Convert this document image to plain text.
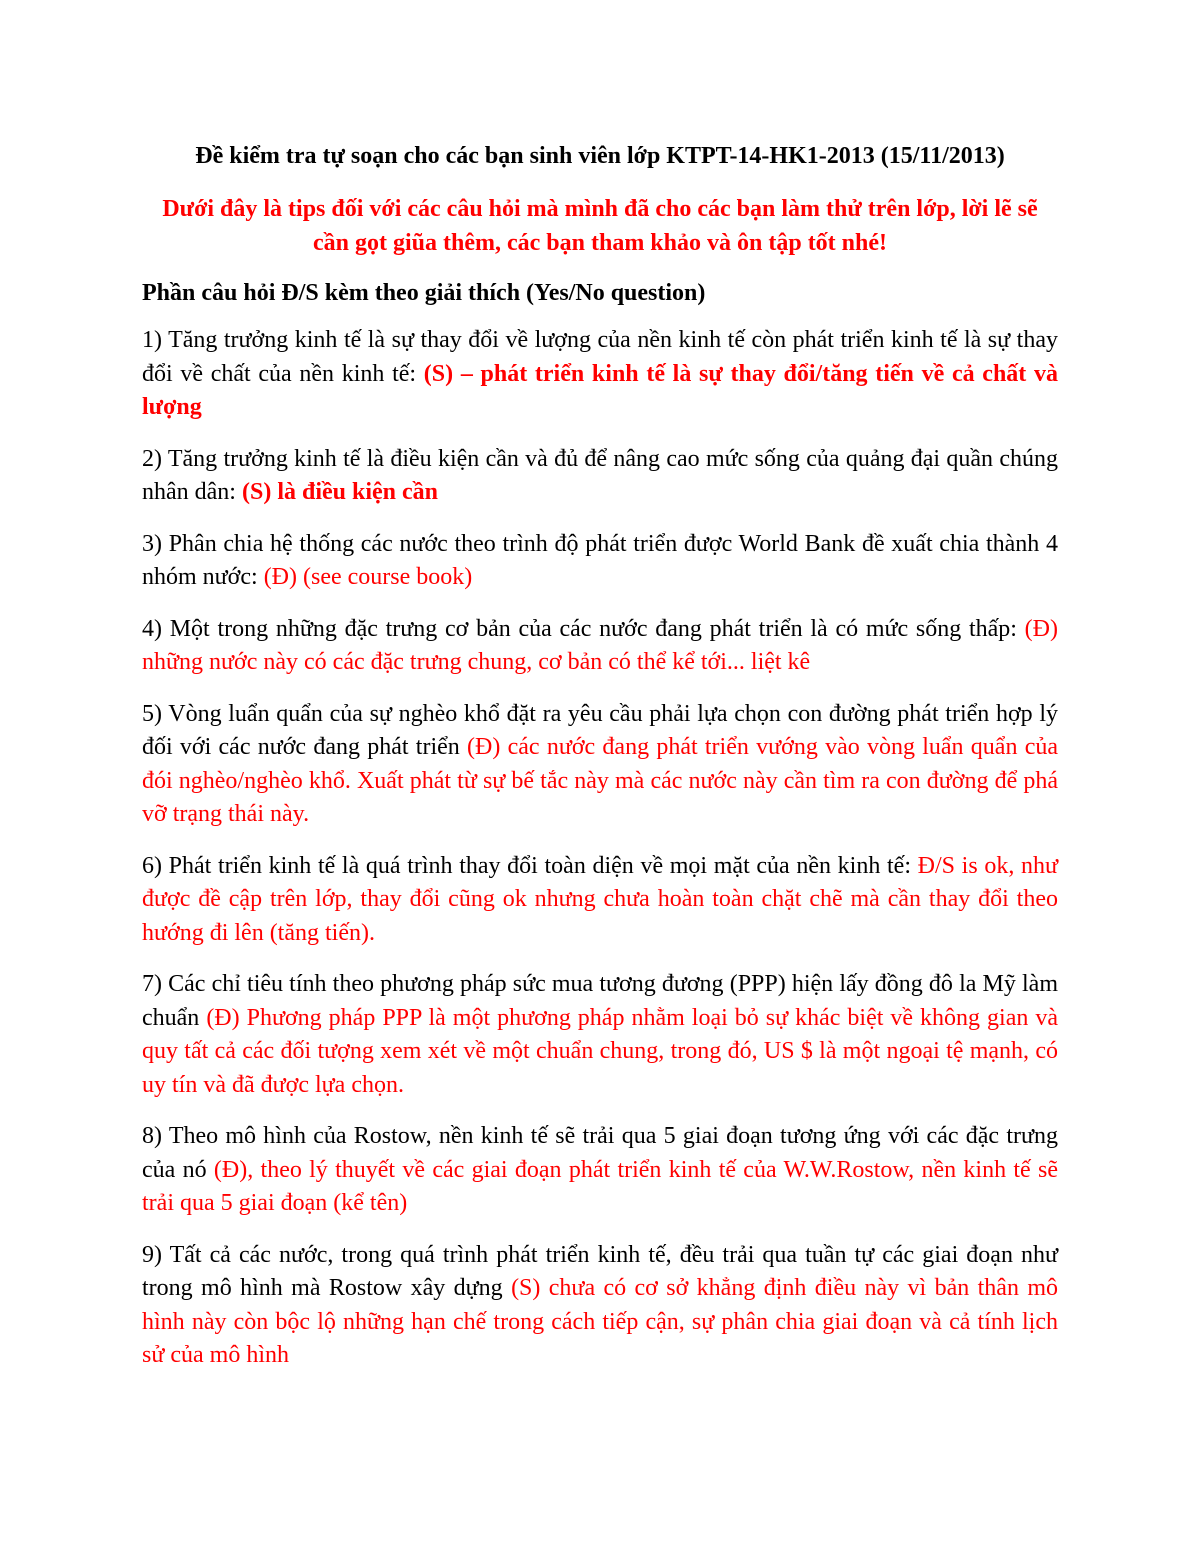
Đề kiểm tra tự soạn cho các bạn sinh viên lớp KTPT-14-HK1-2013 (15/11/2013)
Dưới đây là tips đối với các câu hỏi mà mình đã cho các bạn làm thử trên lớp, lời lẽ sẽ cần gọt giũa thêm, các bạn tham khảo và ôn tập tốt nhé!
Phần câu hỏi Đ/S kèm theo giải thích (Yes/No question)

1) Tăng trưởng kinh tế là sự thay đổi về lượng của nền kinh tế còn phát triển kinh tế là sự thay đổi về chất của nền kinh tế: (S) – phát triển kinh tế là sự thay đổi/tăng tiến về cả chất và lượng

2) Tăng trưởng kinh tế là điều kiện cần và đủ để nâng cao mức sống của quảng đại quần chúng nhân dân: (S) là điều kiện cần

3) Phân chia hệ thống các nước theo trình độ phát triển được World Bank đề xuất chia thành 4 nhóm nước: (Đ) (see course book)

4) Một trong những đặc trưng cơ bản của các nước đang phát triển là có mức sống thấp: (Đ) những nước này có các đặc trưng chung, cơ bản có thể kể tới... liệt kê

5) Vòng luẩn quẩn của sự nghèo khổ đặt ra yêu cầu phải lựa chọn con đường phát triển hợp lý đối với các nước đang phát triển (Đ) các nước đang phát triển vướng vào vòng luẩn quẩn của đói nghèo/nghèo khổ. Xuất phát từ sự bế tắc này mà các nước này cần tìm ra con đường để phá vỡ trạng thái này.

6) Phát triển kinh tế là quá trình thay đổi toàn diện về mọi mặt của nền kinh tế: Đ/S is ok, như được đề cập trên lớp, thay đổi cũng ok nhưng chưa hoàn toàn chặt chẽ mà cần thay đổi theo hướng đi lên (tăng tiến).

7) Các chỉ tiêu tính theo phương pháp sức mua tương đương (PPP) hiện lấy đồng đô la Mỹ làm chuẩn (Đ) Phương pháp PPP là một phương pháp nhằm loại bỏ sự khác biệt về không gian và quy tất cả các đối tượng xem xét về một chuẩn chung, trong đó, US $ là một ngoại tệ mạnh, có uy tín và đã được lựa chọn.

8) Theo mô hình của Rostow, nền kinh tế sẽ trải qua 5 giai đoạn tương ứng với các đặc trưng của nó (Đ), theo lý thuyết về các giai đoạn phát triển kinh tế của W.W.Rostow, nền kinh tế sẽ trải qua 5 giai đoạn (kể tên)

9) Tất cả các nước, trong quá trình phát triển kinh tế, đều trải qua tuần tự các giai đoạn như trong mô hình mà Rostow xây dựng (S) chưa có cơ sở khẳng định điều này vì bản thân mô hình này còn bộc lộ những hạn chế trong cách tiếp cận, sự phân chia giai đoạn và cả tính lịch sử của mô hình
